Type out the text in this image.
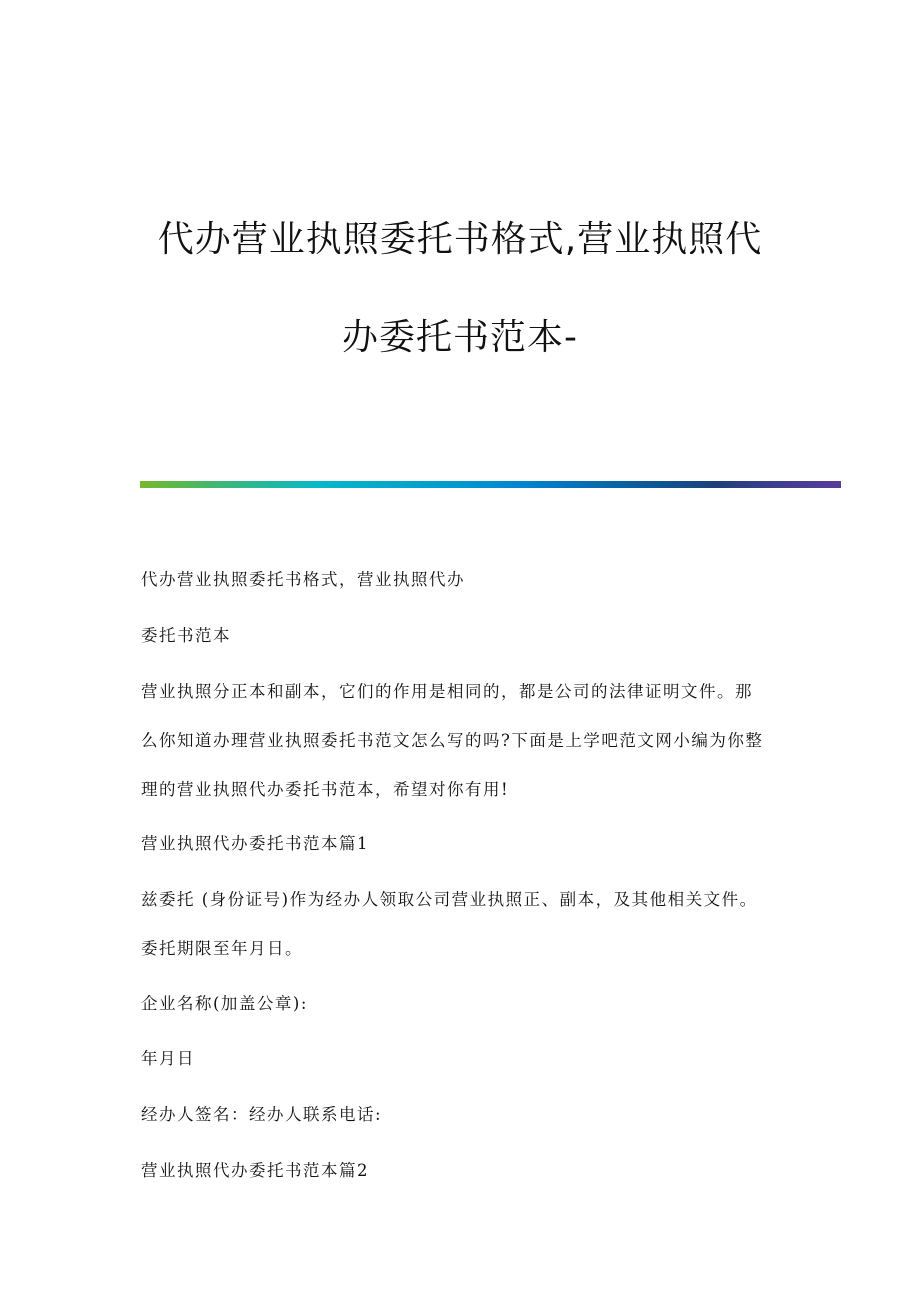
代办营业执照委托书格式,营业执照代
办委托书范本-

代办营业执照委托书格式，营业执照代办

委托书范本

营业执照分正本和副本，它们的作用是相同的，都是公司的法律证明文件。那

么你知道办理营业执照委托书范文怎么写的吗?下面是上学吧范文网小编为你整

理的营业执照代办委托书范本，希望对你有用!

营业执照代办委托书范本篇1

兹委托 (身份证号)作为经办人领取公司营业执照正、副本，及其他相关文件。

委托期限至年月日。

企业名称(加盖公章):

年月日

经办人签名：经办人联系电话:

营业执照代办委托书范本篇2
